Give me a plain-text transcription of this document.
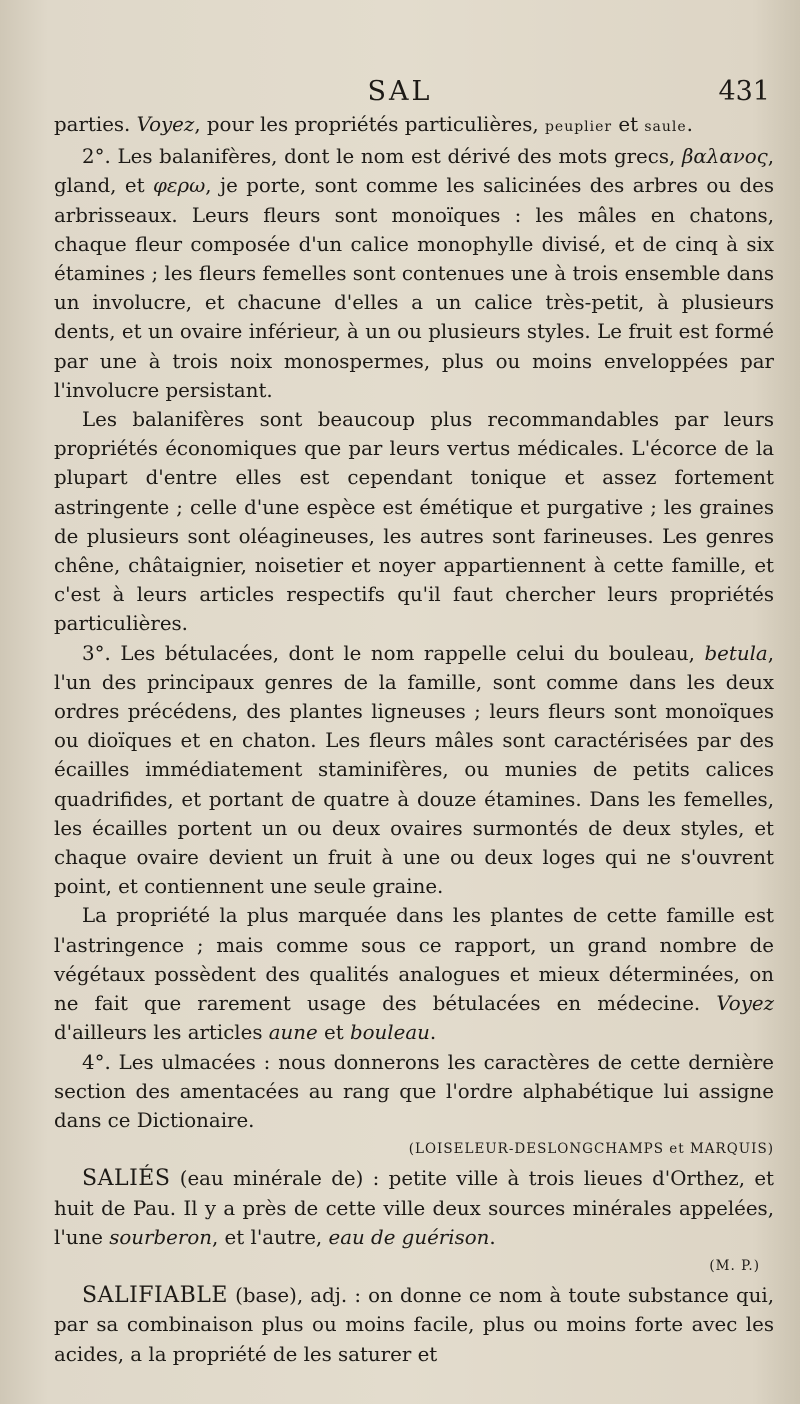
SAL	431

parties. Voyez, pour les propriétés particulières, peuplier et saule.

2°. Les balanifères, dont le nom est dérivé des mots grecs, βαλανος, gland, et φερω, je porte, sont comme les salicinées des arbres ou des arbrisseaux. Leurs fleurs sont monoïques : les mâles en chatons, chaque fleur composée d'un calice monophylle divisé, et de cinq à six étamines ; les fleurs femelles sont contenues une à trois ensemble dans un involucre, et chacune d'elles a un calice très-petit, à plusieurs dents, et un ovaire inférieur, à un ou plusieurs styles. Le fruit est formé par une à trois noix monospermes, plus ou moins enveloppées par l'involucre persistant.

Les balanifères sont beaucoup plus recommandables par leurs propriétés économiques que par leurs vertus médicales. L'écorce de la plupart d'entre elles est cependant tonique et assez fortement astringente ; celle d'une espèce est émétique et purgative ; les graines de plusieurs sont oléagineuses, les autres sont farineuses. Les genres chêne, châtaignier, noisetier et noyer appartiennent à cette famille, et c'est à leurs articles respectifs qu'il faut chercher leurs propriétés particulières.

3°. Les bétulacées, dont le nom rappelle celui du bouleau, betula, l'un des principaux genres de la famille, sont comme dans les deux ordres précédens, des plantes ligneuses ; leurs fleurs sont monoïques ou dioïques et en chaton. Les fleurs mâles sont caractérisées par des écailles immédiatement staminifères, ou munies de petits calices quadrifides, et portant de quatre à douze étamines. Dans les femelles, les écailles portent un ou deux ovaires surmontés de deux styles, et chaque ovaire devient un fruit à une ou deux loges qui ne s'ouvrent point, et contiennent une seule graine.

La propriété la plus marquée dans les plantes de cette famille est l'astringence ; mais comme sous ce rapport, un grand nombre de végétaux possèdent des qualités analogues et mieux déterminées, on ne fait que rarement usage des bétulacées en médecine. Voyez d'ailleurs les articles aune et bouleau.

4°. Les ulmacées : nous donnerons les caractères de cette dernière section des amentacées au rang que l'ordre alphabétique lui assigne dans ce Dictionaire.

(LOISELEUR-DESLONGCHAMPS et MARQUIS)

SALIÉS (eau minérale de) : petite ville à trois lieues d'Orthez, et huit de Pau. Il y a près de cette ville deux sources minérales appelées, l'une sourberon, et l'autre, eau de guérison.

(M. P.)

SALIFIABLE (base), adj. : on donne ce nom à toute substance qui, par sa combinaison plus ou moins facile, plus ou moins forte avec les acides, a la propriété de les saturer et
